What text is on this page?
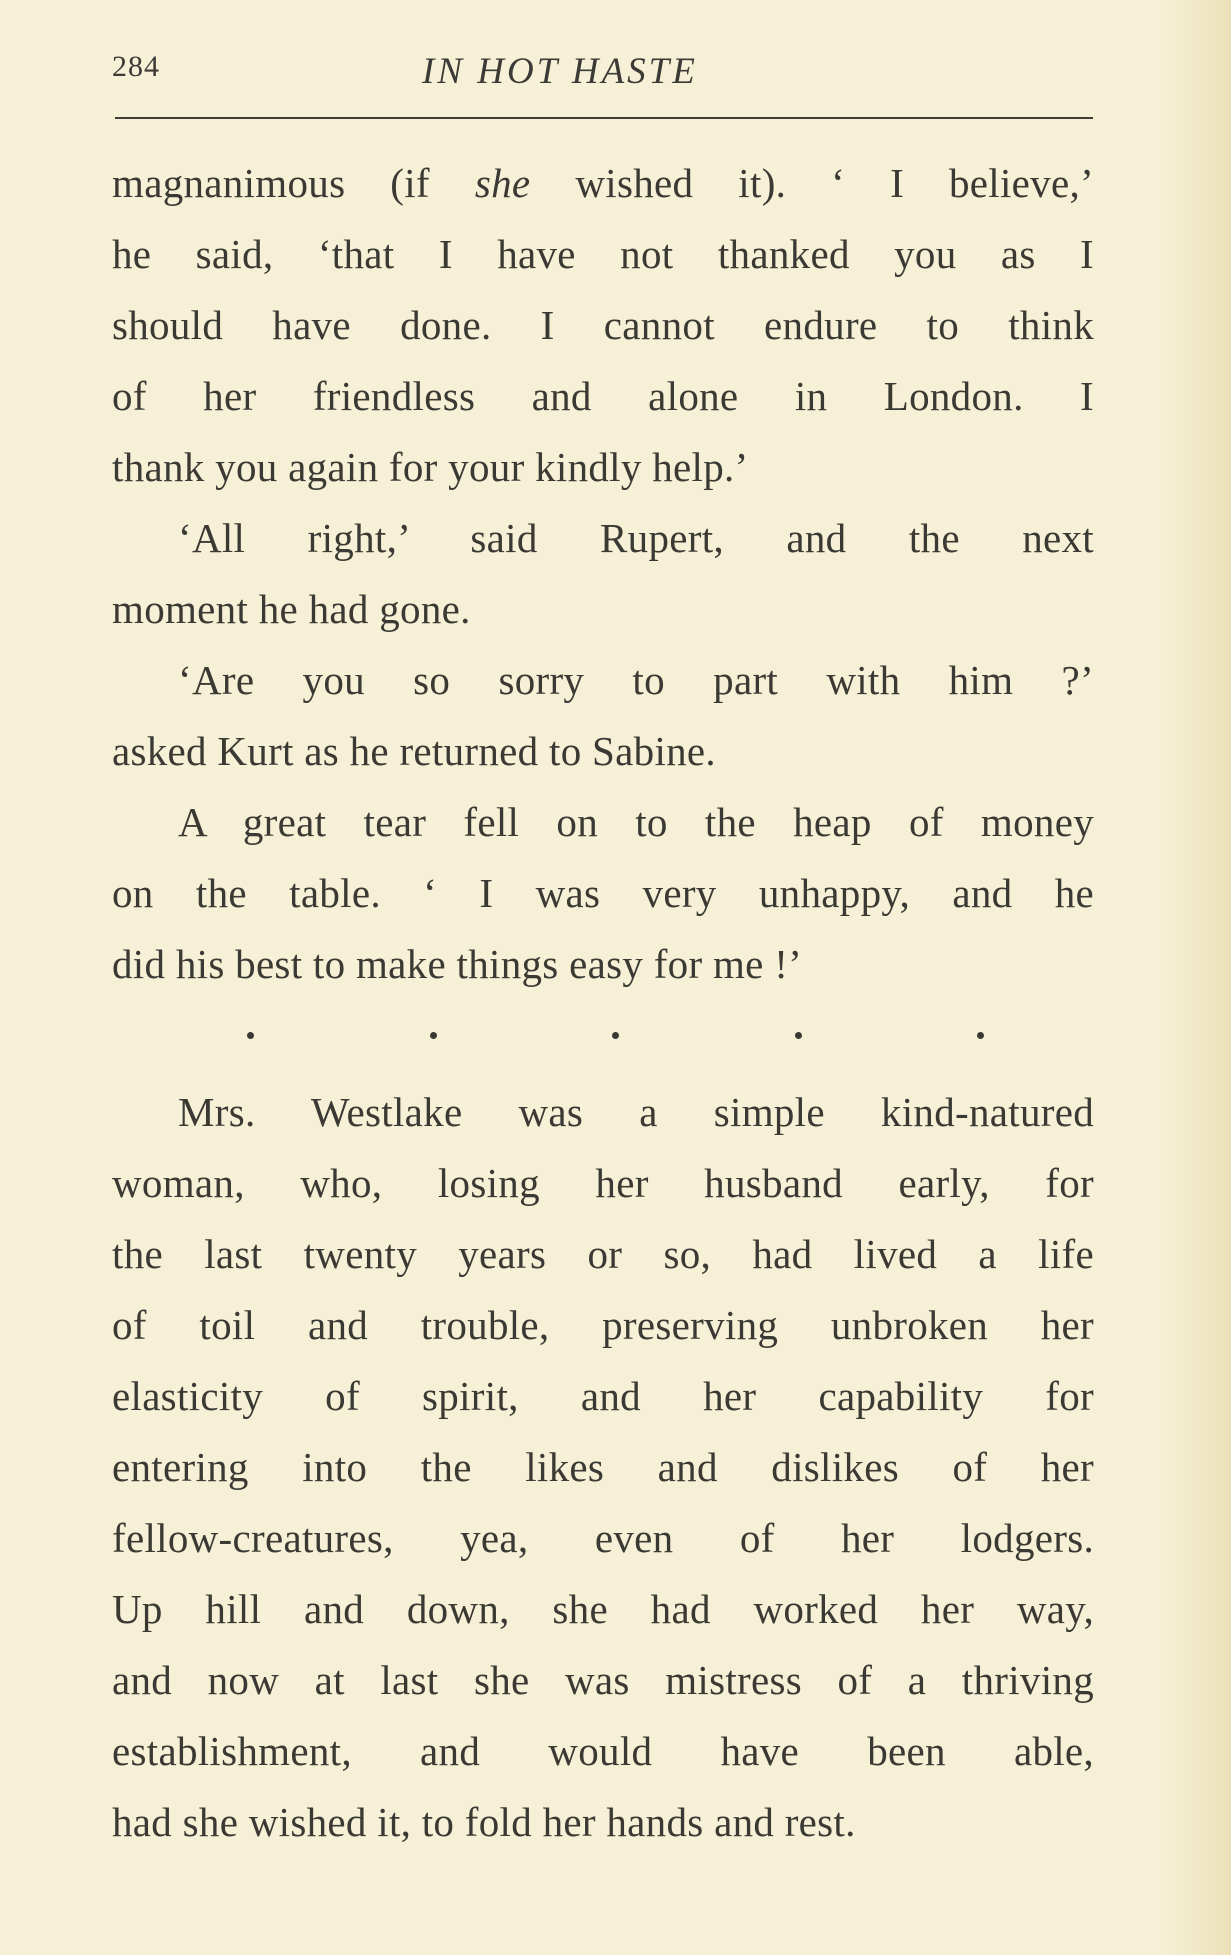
284	IN HOT HASTE
magnanimous (if she wished it). ‘ I believe,’
he said, ‘that I have not thanked you as I
should have done. I cannot endure to think
of her friendless and alone in London. I
thank you again for your kindly help.’
‘All right,’ said Rupert, and the next
moment he had gone.
‘Are you so sorry to part with him ?’
asked Kurt as he returned to Sabine.
A great tear fell on to the heap of money
on the table. ‘ I was very unhappy, and he
did his best to make things easy for me !’
Mrs. Westlake was a simple kind-natured
woman, who, losing her husband early, for
the last twenty years or so, had lived a life
of toil and trouble, preserving unbroken her
elasticity of spirit, and her capability for
entering into the likes and dislikes of her
fellow-creatures, yea, even of her lodgers.
Up hill and down, she had worked her way,
and now at last she was mistress of a thriving
establishment, and would have been able,
had she wished it, to fold her hands and rest.
